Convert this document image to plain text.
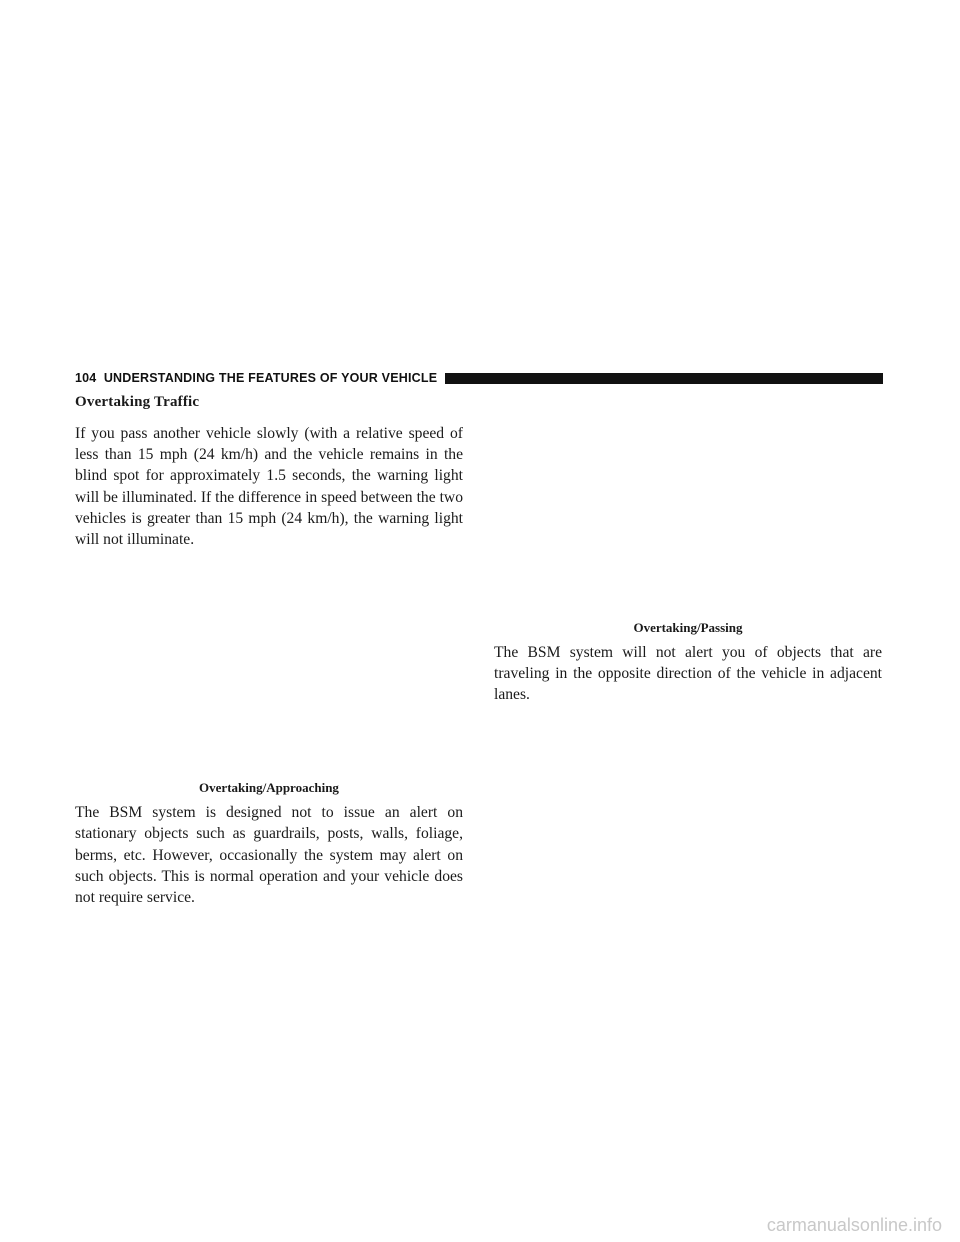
104 UNDERSTANDING THE FEATURES OF YOUR VEHICLE
Overtaking Traffic

If you pass another vehicle slowly (with a relative speed of less than 15 mph (24 km/h) and the vehicle remains in the blind spot for approximately 1.5 seconds, the warning light will be illuminated. If the difference in speed between the two vehicles is greater than 15 mph (24 km/h), the warning light will not illuminate.

Overtaking/Approaching

The BSM system is designed not to issue an alert on stationary objects such as guardrails, posts, walls, foliage, berms, etc. However, occasionally the system may alert on such objects. This is normal operation and your vehicle does not require service.

Overtaking/Passing

The BSM system will not alert you of objects that are traveling in the opposite direction of the vehicle in adjacent lanes.

carmanualsonline.info
